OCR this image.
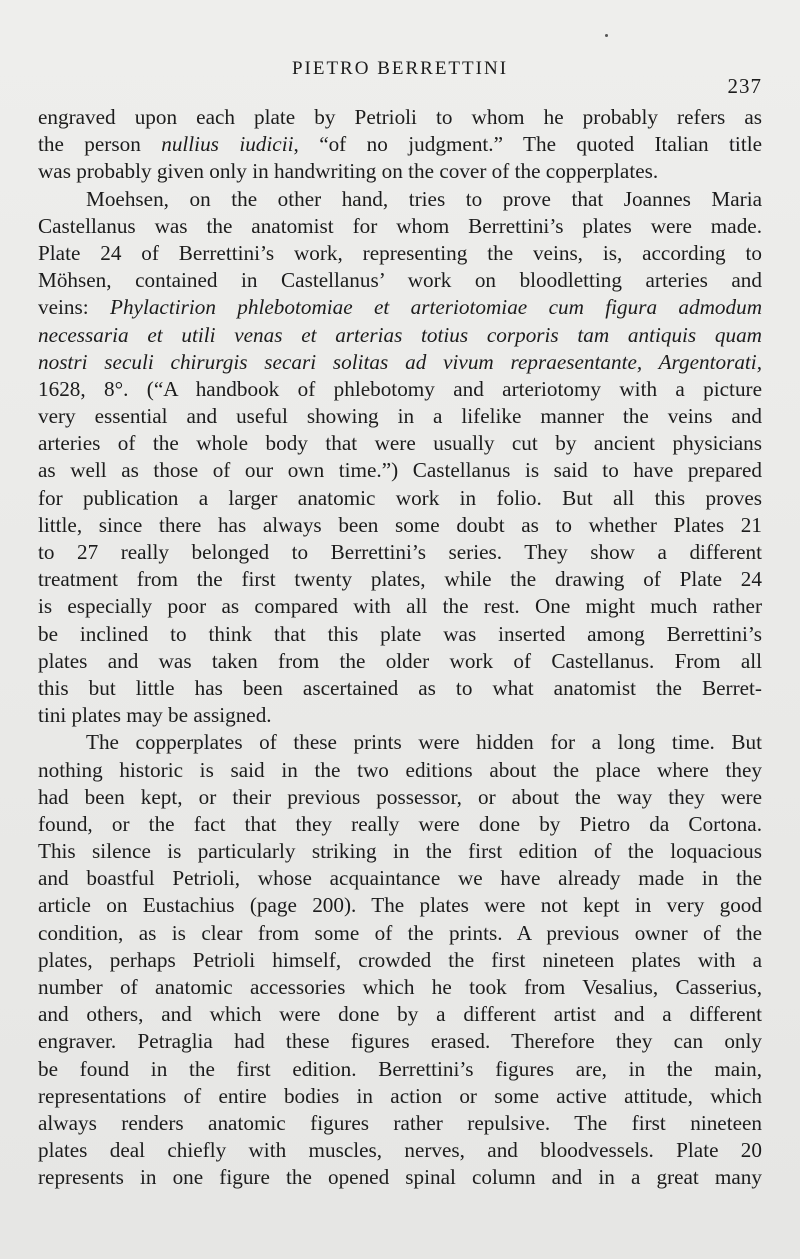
PIETRO BERRETTINI
237
engraved upon each plate by Petrioli to whom he probably refers as
the person nullius iudicii, “of no judgment.” The quoted Italian title
was probably given only in handwriting on the cover of the copperplates.
Moehsen, on the other hand, tries to prove that Joannes Maria
Castellanus was the anatomist for whom Berrettini’s plates were made.
Plate 24 of Berrettini’s work, representing the veins, is, according to
Möhsen, contained in Castellanus’ work on bloodletting arteries and
veins: Phylactirion phlebotomiae et arteriotomiae cum figura admodum
necessaria et utili venas et arterias totius corporis tam antiquis quam
nostri seculi chirurgis secari solitas ad vivum repraesentante, Argentorati,
1628, 8°. (“A handbook of phlebotomy and arteriotomy with a picture
very essential and useful showing in a lifelike manner the veins and
arteries of the whole body that were usually cut by ancient physicians
as well as those of our own time.”) Castellanus is said to have prepared
for publication a larger anatomic work in folio. But all this proves
little, since there has always been some doubt as to whether Plates 21
to 27 really belonged to Berrettini’s series. They show a different
treatment from the first twenty plates, while the drawing of Plate 24
is especially poor as compared with all the rest. One might much rather
be inclined to think that this plate was inserted among Berrettini’s
plates and was taken from the older work of Castellanus. From all
this but little has been ascertained as to what anatomist the Berret-
tini plates may be assigned.
The copperplates of these prints were hidden for a long time. But
nothing historic is said in the two editions about the place where they
had been kept, or their previous possessor, or about the way they were
found, or the fact that they really were done by Pietro da Cortona.
This silence is particularly striking in the first edition of the loquacious
and boastful Petrioli, whose acquaintance we have already made in the
article on Eustachius (page 200). The plates were not kept in very good
condition, as is clear from some of the prints. A previous owner of the
plates, perhaps Petrioli himself, crowded the first nineteen plates with a
number of anatomic accessories which he took from Vesalius, Casserius,
and others, and which were done by a different artist and a different
engraver. Petraglia had these figures erased. Therefore they can only
be found in the first edition. Berrettini’s figures are, in the main,
representations of entire bodies in action or some active attitude, which
always renders anatomic figures rather repulsive. The first nineteen
plates deal chiefly with muscles, nerves, and bloodvessels. Plate 20
represents in one figure the opened spinal column and in a great many
